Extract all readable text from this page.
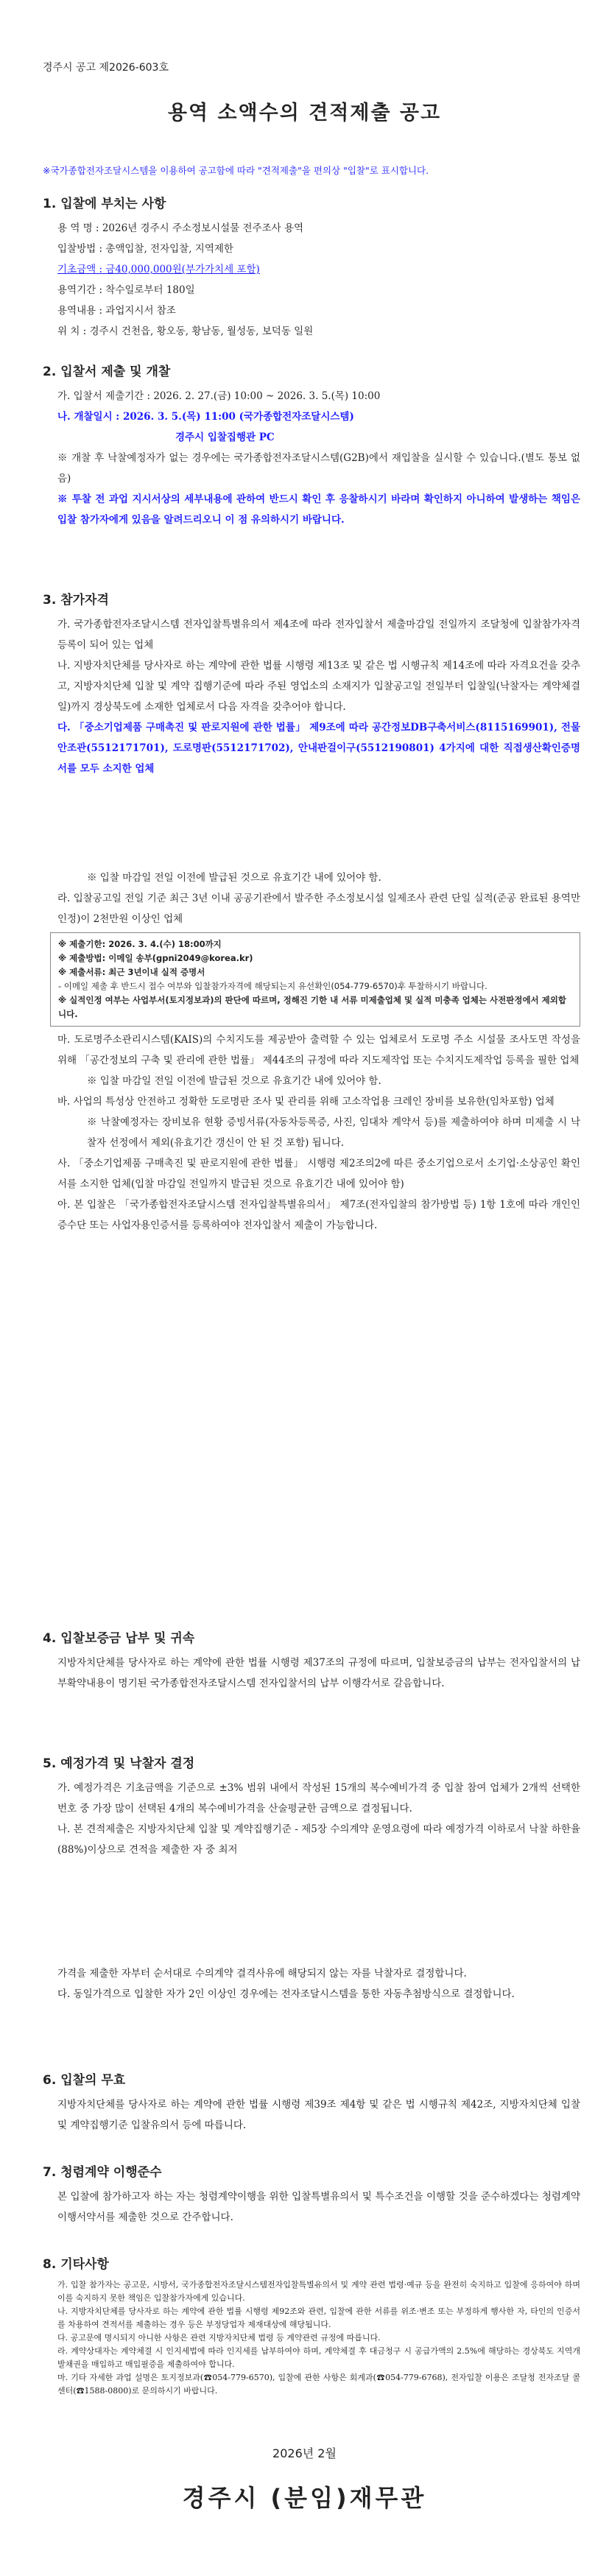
경주시 공고 제2026-603호
용역 소액수의 견적제출 공고
※국가종합전자조달시스템을 이용하여 공고함에 따라 "견적제출"을 편의상 "입찰"로 표시합니다.
1. 입찰에 부치는 사항
용 역 명 : 2026년 경주시 주소정보시설물 전주조사 용역
입찰방법 : 총액입찰, 전자입찰, 지역제한
기초금액 : 금40,000,000원(부가가치세 포함)
용역기간 : 착수일로부터 180일
용역내용 : 과업지시서 참조
위 치 : 경주시 건천읍, 황오동, 황남동, 월성동, 보덕동 일원
2. 입찰서 제출 및 개찰
가. 입찰서 제출기간 : 2026. 2. 27.(금) 10:00 ~ 2026. 3. 5.(목) 10:00
나. 개찰일시 : 2026. 3. 5.(목) 11:00 (국가종합전자조달시스템)
경주시 입찰집행관 PC
※ 개찰 후 낙찰예정자가 없는 경우에는 국가종합전자조달시스템(G2B)에서 재입찰을 실시할 수 있습니다.(별도 통보 없음)
※ 투찰 전 과업 지시서상의 세부내용에 관하여 반드시 확인 후 응찰하시기 바라며 확인하지 아니하여 발생하는 책임은 입찰 참가자에게 있음을 알려드리오니 이 점 유의하시기 바랍니다.
3. 참가자격
가. 국가종합전자조달시스템 전자입찰특별유의서 제4조에 따라 전자입찰서 제출마감일 전일까지 조달청에 입찰참가자격 등록이 되어 있는 업체
나. 지방자치단체를 당사자로 하는 계약에 관한 법률 시행령 제13조 및 같은 법 시행규칙 제14조에 따라 자격요건을 갖추고, 지방자치단체 입찰 및 계약 집행기준에 따라 주된 영업소의 소재지가 입찰공고일 전일부터 입찰일(낙찰자는 계약체결일)까지 경상북도에 소재한 업체로서 다음 자격을 갖추어야 합니다.
다. 「중소기업제품 구매촉진 및 판로지원에 관한 법률」 제9조에 따라 공간정보DB구축서비스(8115169901), 전물안조관(5512171701), 도로명판(5512171702), 안내판걸이구(5512190801) 4가지에 대한 직접생산확인증명서를 모두 소지한 업체
※ 입찰 마감일 전일 이전에 발급된 것으로 유효기간 내에 있어야 함.
라. 입찰공고일 전일 기준 최근 3년 이내 공공기관에서 발주한 주소정보시설 일제조사 관련 단일 실적(준공 완료된 용역만 인정)이 2천만원 이상인 업체
※ 제출기한: 2026. 3. 4.(수) 18:00까지
※ 제출방법: 이메일 송부(gpni2049@korea.kr)
※ 제출서류: 최근 3년이내 실적 증명서
- 이메일 제출 후 반드시 접수 여부와 입찰참가자격에 해당되는지 유선확인(054-779-6570)후 투찰하시기 바랍니다.
※ 실적인정 여부는 사업부서(토지정보과)의 판단에 따르며, 정해진 기한 내 서류 미제출업체 및 실적 미충족 업체는 사전판정에서 제외합니다.
마. 도로명주소관리시스템(KAIS)의 수치지도를 제공받아 출력할 수 있는 업체로서 도로명 주소 시설물 조사도면 작성을 위해 「공간정보의 구축 및 관리에 관한 법률」 제44조의 규정에 따라 지도제작업 또는 수치지도제작업 등록을 필한 업체
※ 입찰 마감일 전일 이전에 발급된 것으로 유효기간 내에 있어야 함.
바. 사업의 특성상 안전하고 정확한 도로명판 조사 및 관리를 위해 고소작업용 크레인 장비를 보유한(임차포함) 업체
※ 낙찰예정자는 장비보유 현황 증빙서류(자동차등록증, 사진, 임대차 계약서 등)를 제출하여야 하며 미제출 시 낙찰자 선정에서 제외(유효기간 갱신이 안 된 것 포함) 됩니다.
사. 「중소기업제품 구매촉진 및 판로지원에 관한 법률」 시행령 제2조의2에 따른 중소기업으로서 소기업·소상공인 확인서를 소지한 업체(입찰 마감일 전일까지 발급된 것으로 유효기간 내에 있어야 함)
아. 본 입찰은 「국가종합전자조달시스템 전자입찰특별유의서」 제7조(전자입찰의 참가방법 등) 1항 1호에 따라 개인인증수단 또는 사업자용인증서를 등록하여야 전자입찰서 제출이 가능합니다.
4. 입찰보증금 납부 및 귀속
지방자치단체를 당사자로 하는 계약에 관한 법률 시행령 제37조의 규정에 따르며, 입찰보증금의 납부는 전자입찰서의 납부확약내용이 명기된 국가종합전자조달시스템 전자입찰서의 납부 이행각서로 갈음합니다.
5. 예정가격 및 낙찰자 결정
가. 예정가격은 기초금액을 기준으로 ±3% 범위 내에서 작성된 15개의 복수예비가격 중 입찰 참여 업체가 2개씩 선택한 번호 중 가장 많이 선택된 4개의 복수예비가격을 산술평균한 금액으로 결정됩니다.
나. 본 견적제출은 지방자치단체 입찰 및 계약집행기준 - 제5장 수의계약 운영요령에 따라 예정가격 이하로서 낙찰 하한율(88%)이상으로 견적을 제출한 자 중 최저
가격을 제출한 자부터 순서대로 수의계약 결격사유에 해당되지 않는 자를 낙찰자로 결정합니다.
다. 동일가격으로 입찰한 자가 2인 이상인 경우에는 전자조달시스템을 통한 자동추첨방식으로 결정합니다.
6. 입찰의 무효
지방자치단체를 당사자로 하는 계약에 관한 법률 시행령 제39조 제4항 및 같은 법 시행규칙 제42조, 지방자치단체 입찰 및 계약집행기준 입찰유의서 등에 따릅니다.
7. 청렴계약 이행준수
본 입찰에 참가하고자 하는 자는 청렴계약이행을 위한 입찰특별유의서 및 특수조건을 이행할 것을 준수하겠다는 청렴계약이행서약서를 제출한 것으로 간주합니다.
8. 기타사항
가. 입찰 참가자는 공고문, 시방서, 국가종합전자조달시스템전자입찰특별유의서 및 계약 관련 법령·예규 등을 완전히 숙지하고 입찰에 응하여야 하며 이를 숙지하지 못한 책임은 입찰참가자에게 있습니다.
나. 지방자치단체를 당사자로 하는 계약에 관한 법률 시행령 제92조와 관련, 입찰에 관한 서류를 위조·변조 또는 부정하게 행사한 자, 타인의 인증서를 차용하여 견적서를 제출하는 경우 등은 부정당업자 제재대상에 해당됩니다.
다. 공고문에 명시되지 아니한 사항은 관련 지방자치단체 법령 등 계약관련 규정에 따릅니다.
라. 계약상대자는 계약체결 시 인지세법에 따라 인지세를 납부하여야 하며, 계약체결 후 대금청구 시 공급가액의 2.5%에 해당하는 경상북도 지역개발채권을 매입하고 매입필증을 제출하여야 합니다.
마. 기타 자세한 과업 설명은 토지정보과(☎054-779-6570), 입찰에 관한 사항은 회계과(☎054-779-6768), 전자입찰 이용은 조달청 전자조달 콜센터(☎1588-0800)로 문의하시기 바랍니다.
2026년 2월
경주시 (분임)재무관
